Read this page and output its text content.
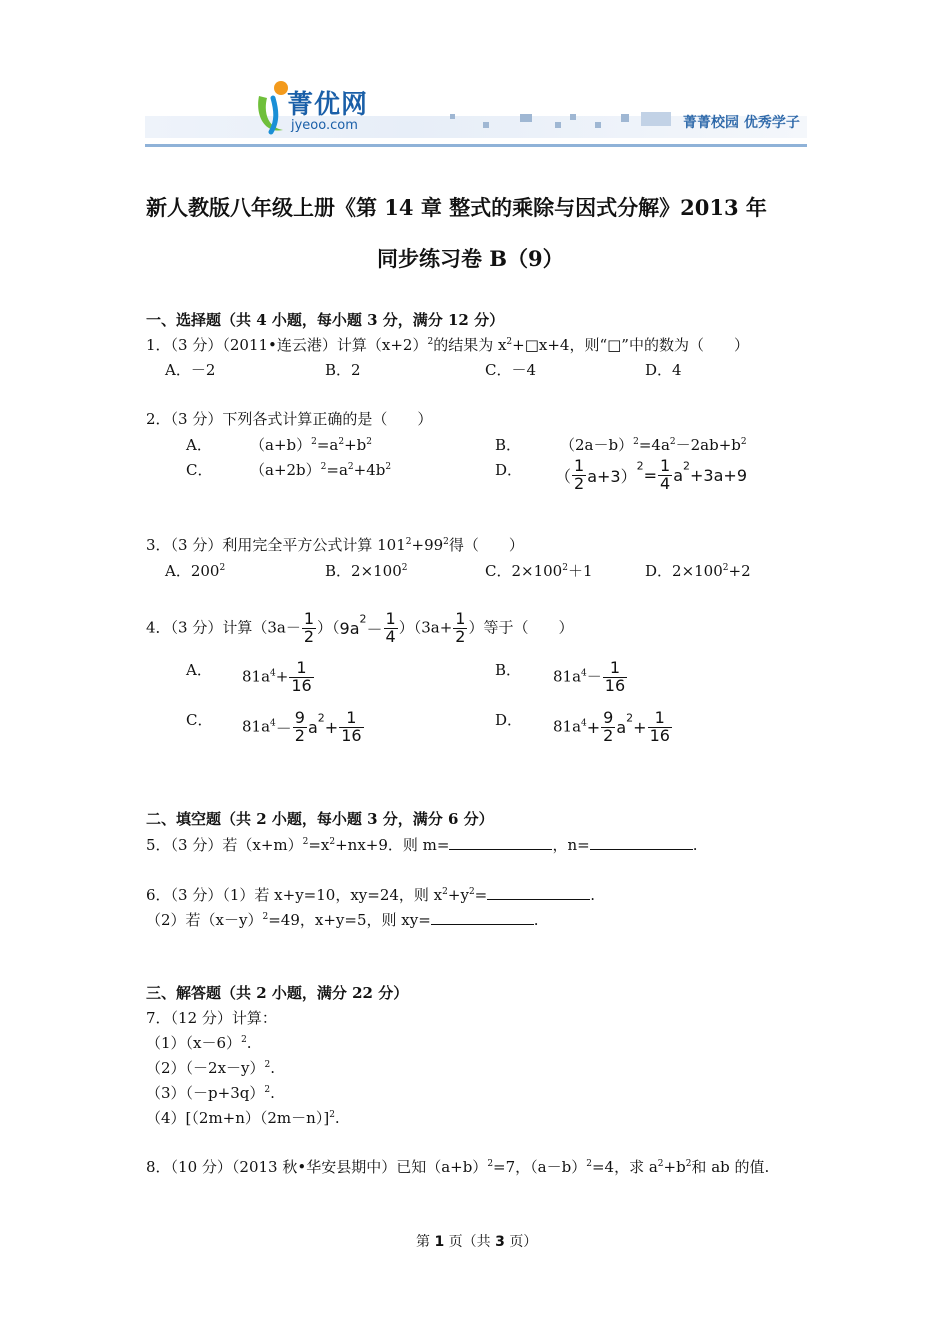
菁优网
jyeoo.com	菁菁校园 优秀学子
新人教版八年级上册《第 14 章 整式的乘除与因式分解》2013 年
同步练习卷 B（9）
一、选择题（共 4 小题，每小题 3 分，满分 12 分）
1．（3 分）（2011•连云港）计算$(x+2)^2$的结果为 $x^2+□x+4$，则“□”中的数为（　　）
A．－2	B．2	C．－4	D．4
2．（3 分）下列各式计算正确的是（　　）
A．	$(a+b)^2=a^2+b^2$	B．	$(2a-b)^2=4a^2-2ab+b^2$
C．	$(a+2b)^2=a^2+4b^2$	D． （ $\frac{1}{2} a+3)^2= \frac{1}{4} a^2+3a+9$
3．（3 分）利用完全平方公式计算 $101^2+99^2$得（　　）
A．$200^2$	B．$2\times 100^2$	C．$2\times 100^2+1$	D．$2\times 100^2+2$
4．（3 分）计算$(3a- \frac{1}{2} )(9a^2- \frac{1}{4} )(3a+ \frac{1}{2}$ ）等于（　　）
A． $81a^4+ \frac{1}{16}$	B． $81a^4- \frac{1}{16}$
C． $81a^4- \frac{9}{2} a^2+ \frac{1}{16}$	D． $81a^4+ \frac{9}{2} a^2+ \frac{1}{16}$
二、填空题（共 2 小题，每小题 3 分，满分 6 分）
5．（3 分）若$(x+m)^2=x^2+nx+9$．则 m=	，n=	.
6．（3 分）（1）若 x+y=10，xy=24，则 $x^2+y^2=$	.
（2）若$(x-y)^2=49$，x+y=5，则 xy=	.
三、解答题（共 2 小题，满分 22 分）
7．（12 分）计算：
$(1)(x-6)^2$.
$(2)(-2x-y)^2$.
$(3)(-p+3q)^2$.
$(4)[(2m+n)(2m-n)]^2$.
8．（10 分）（2013 秋•华安县期中）已知$(a+b)^2=7$，$(a-b)^2=4$，求 $a^2+b^2$和 ab 的值.
第 1 页（共 3 页）
